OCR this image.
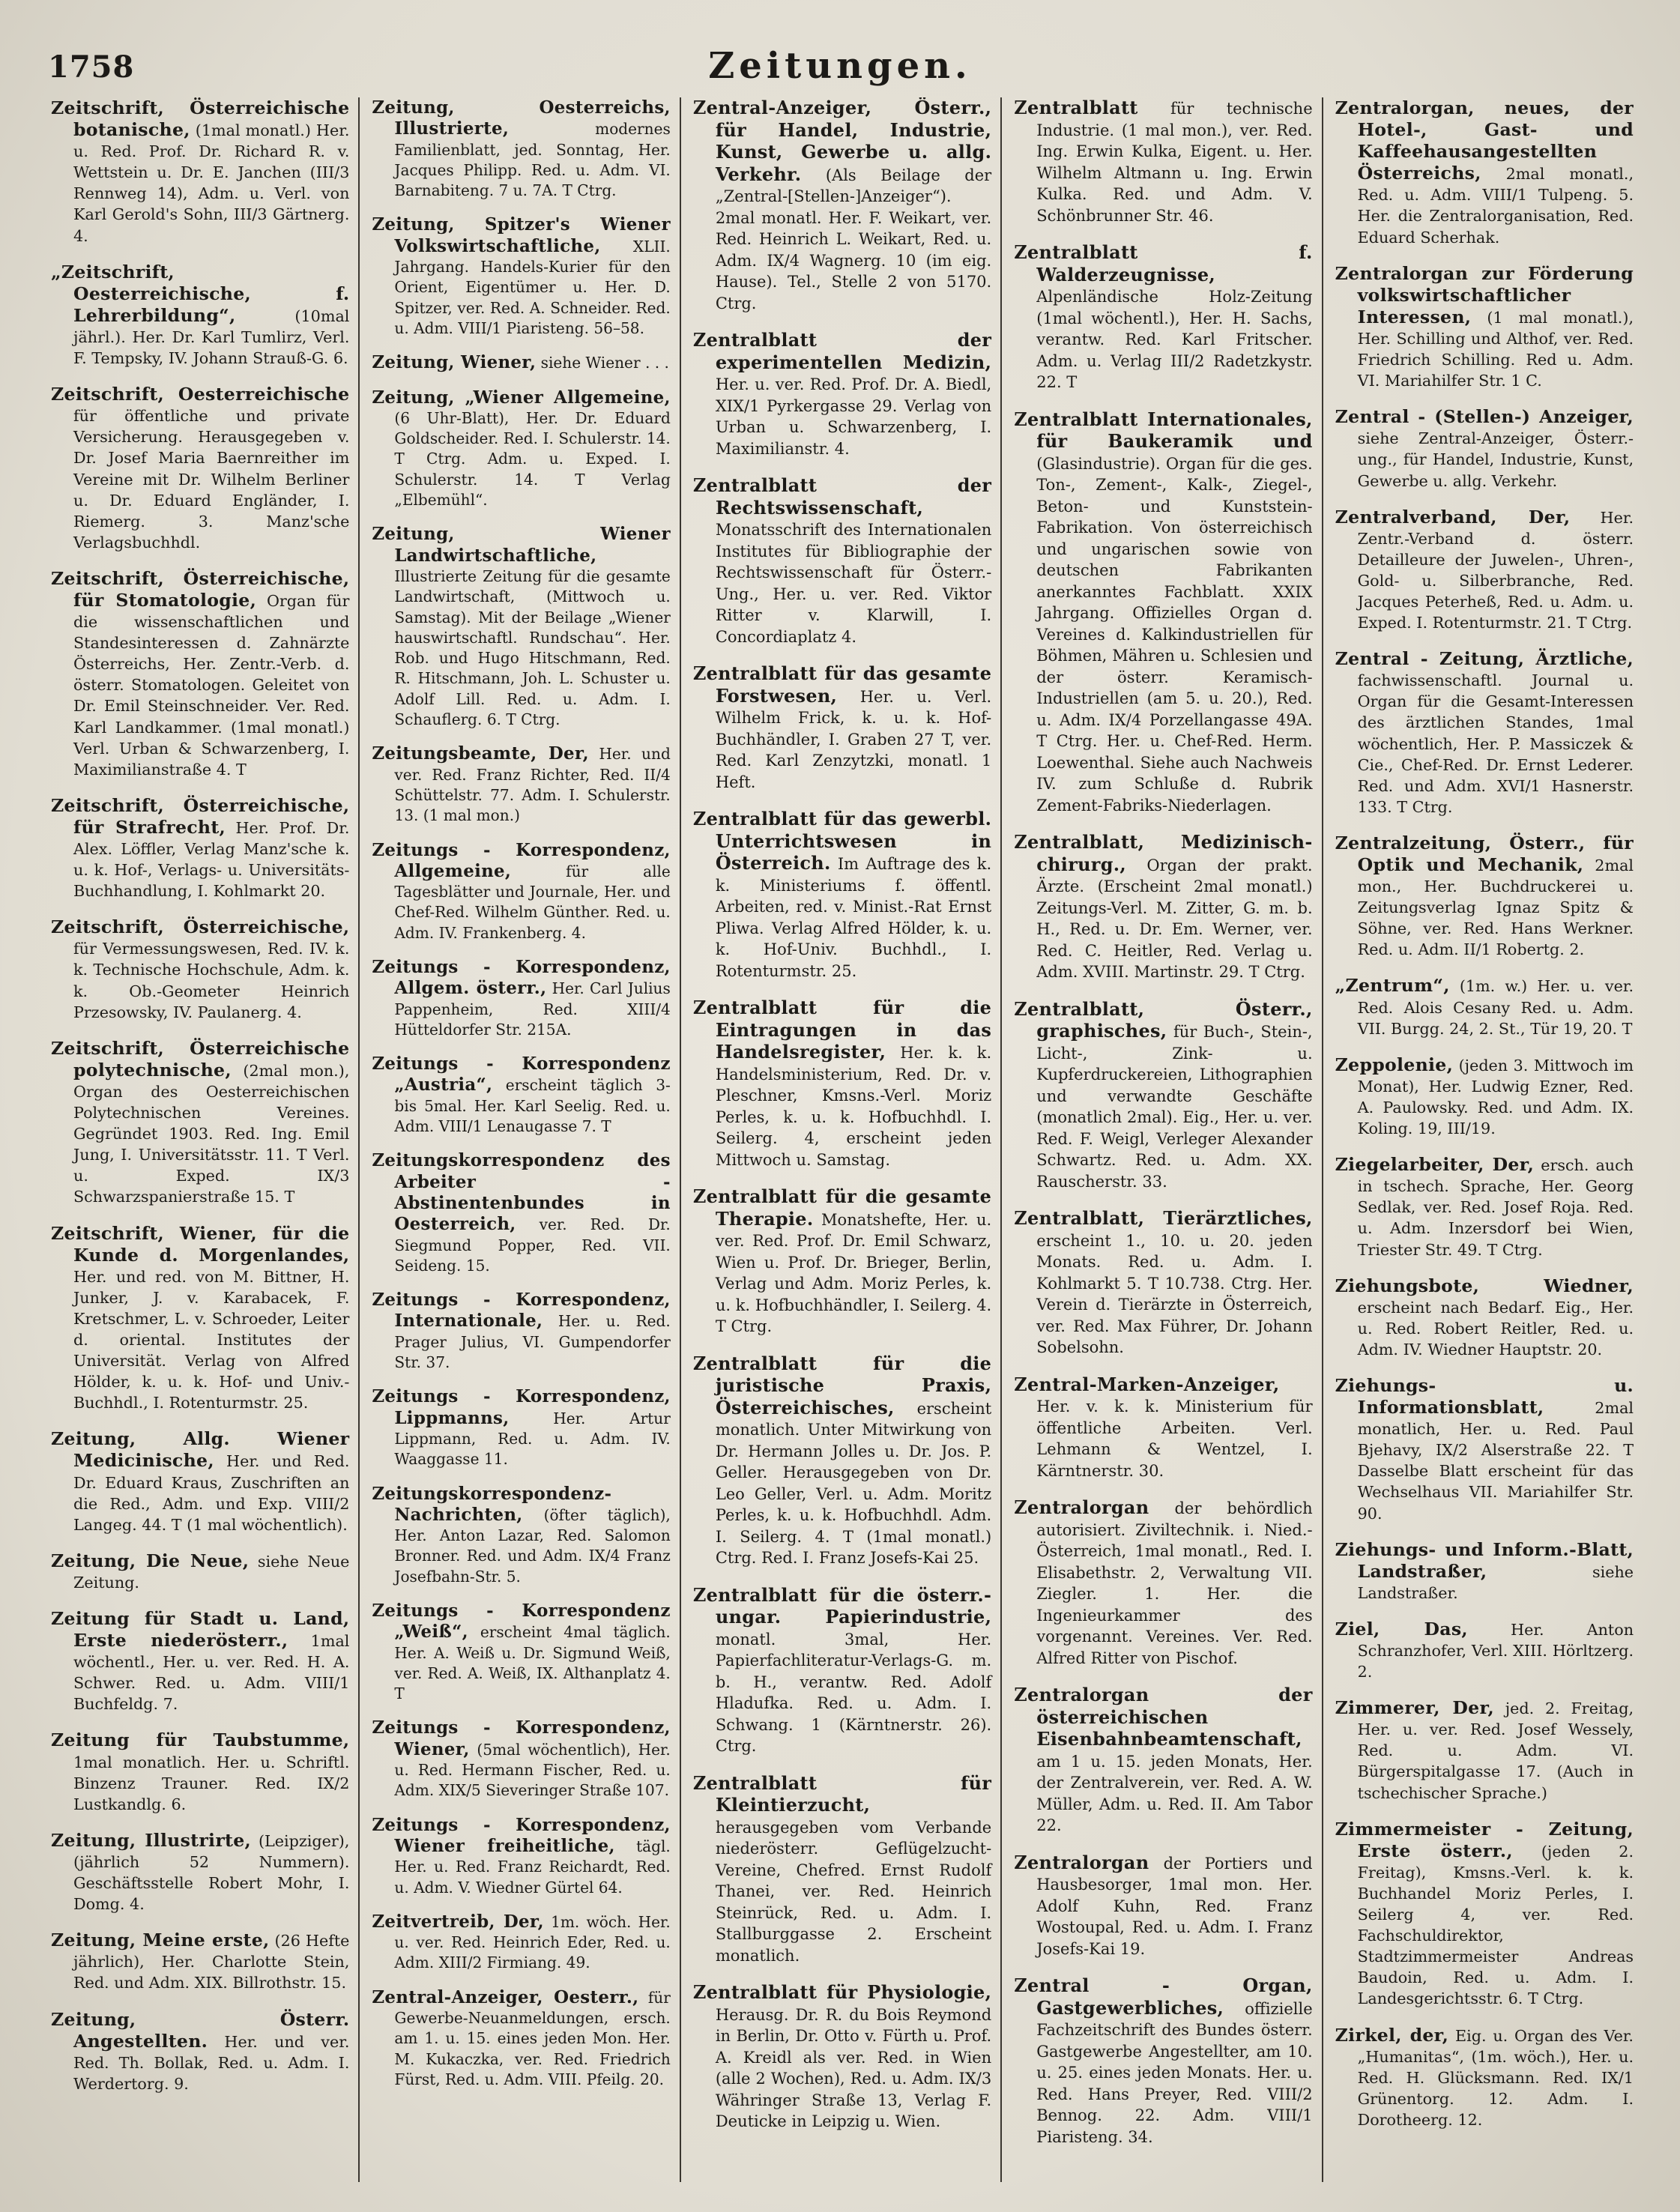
1758	Zeitungen.

Zeitschrift, Österreichische botanische, (1mal monatl.) Her. u. Red. Prof. Dr. Richard R. v. Wettstein u. Dr. E. Janchen (III/3 Rennweg 14), Adm. u. Verl. von Karl Gerold's Sohn, III/3 Gärtnerg. 4.

„Zeitschrift, Oesterreichische, f. Lehrerbildung“, (10mal jährl.). Her. Dr. Karl Tumlirz, Verl. F. Tempsky, IV. Johann Strauß-G. 6.

Zeitschrift, Oesterreichische für öffentliche und private Versicherung. Herausgegeben v. Dr. Josef Maria Baernreither im Vereine mit Dr. Wilhelm Berliner u. Dr. Eduard Engländer, I. Riemerg. 3. Manz'sche Verlagsbuchhdl.

Zeitschrift, Österreichische, für Stomatologie, Organ für die wissenschaftlichen und Standesinteressen d. Zahnärzte Österreichs, Her. Zentr.-Verb. d. österr. Stomatologen. Geleitet von Dr. Emil Steinschneider. Ver. Red. Karl Landkammer. (1mal monatl.) Verl. Urban & Schwarzenberg, I. Maximilianstraße 4. T

Zeitschrift, Österreichische, für Strafrecht, Her. Prof. Dr. Alex. Löffler, Verlag Manz'sche k. u. k. Hof-, Verlags- u. Universitäts-Buchhandlung, I. Kohlmarkt 20.

Zeitschrift, Österreichische, für Vermessungswesen, Red. IV. k. k. Technische Hochschule, Adm. k. k. Ob.-Geometer Heinrich Przesowsky, IV. Paulanerg. 4.

Zeitschrift, Österreichische polytechnische, (2mal mon.), Organ des Oesterreichischen Polytechnischen Vereines. Gegründet 1903. Red. Ing. Emil Jung, I. Universitätsstr. 11. T Verl. u. Exped. IX/3 Schwarzspanierstraße 15. T

Zeitschrift, Wiener, für die Kunde d. Morgenlandes, Her. und red. von M. Bittner, H. Junker, J. v. Karabacek, F. Kretschmer, L. v. Schroeder, Leiter d. oriental. Institutes der Universität. Verlag von Alfred Hölder, k. u. k. Hof- und Univ.-Buchhdl., I. Rotenturmstr. 25.

Zeitung, Allg. Wiener Medicinische, Her. und Red. Dr. Eduard Kraus, Zuschriften an die Red., Adm. und Exp. VIII/2 Langeg. 44. T (1 mal wöchentlich).

Zeitung, Die Neue, siehe Neue Zeitung.

Zeitung für Stadt u. Land, Erste niederösterr., 1mal wöchentl., Her. u. ver. Red. H. A. Schwer. Red. u. Adm. VIII/1 Buchfeldg. 7.

Zeitung für Taubstumme, 1mal monatlich. Her. u. Schriftl. Binzenz Trauner. Red. IX/2 Lustkandlg. 6.

Zeitung, Illustrirte, (Leipziger), (jährlich 52 Nummern). Geschäftsstelle Robert Mohr, I. Domg. 4.

Zeitung, Meine erste, (26 Hefte jährlich), Her. Charlotte Stein, Red. und Adm. XIX. Billrothstr. 15.

Zeitung, Österr. Angestellten. Her. und ver. Red. Th. Bollak, Red. u. Adm. I. Werdertorg. 9.

Zeitung, Oesterreichs, Illustrierte, modernes Familienblatt, jed. Sonntag, Her. Jacques Philipp. Red. u. Adm. VI. Barnabiteng. 7 u. 7A. T Ctrg.

Zeitung, Spitzer's Wiener Volkswirtschaftliche, XLII. Jahrgang. Handels-Kurier für den Orient, Eigentümer u. Her. D. Spitzer, ver. Red. A. Schneider. Red. u. Adm. VIII/1 Piaristeng. 56–58.

Zeitung, Wiener, siehe Wiener . . .

Zeitung, „Wiener Allgemeine, (6 Uhr-Blatt), Her. Dr. Eduard Goldscheider. Red. I. Schulerstr. 14. T Ctrg. Adm. u. Exped. I. Schulerstr. 14. T Verlag „Elbemühl“.

Zeitung, Wiener Landwirtschaftliche, Illustrierte Zeitung für die gesamte Landwirtschaft, (Mittwoch u. Samstag). Mit der Beilage „Wiener hauswirtschaftl. Rundschau“. Her. Rob. und Hugo Hitschmann, Red. R. Hitschmann, Joh. L. Schuster u. Adolf Lill. Red. u. Adm. I. Schauflerg. 6. T Ctrg.

Zeitungsbeamte, Der, Her. und ver. Red. Franz Richter, Red. II/4 Schüttelstr. 77. Adm. I. Schulerstr. 13. (1 mal mon.)

Zeitungs - Korrespondenz, Allgemeine, für alle Tagesblätter und Journale, Her. und Chef-Red. Wilhelm Günther. Red. u. Adm. IV. Frankenberg. 4.

Zeitungs - Korrespondenz, Allgem. österr., Her. Carl Julius Pappenheim, Red. XIII/4 Hütteldorfer Str. 215A.

Zeitungs - Korrespondenz „Austria“, erscheint täglich 3- bis 5mal. Her. Karl Seelig. Red. u. Adm. VIII/1 Lenaugasse 7. T

Zeitungskorrespondenz des Arbeiter - Abstinentenbundes in Oesterreich, ver. Red. Dr. Siegmund Popper, Red. VII. Seideng. 15.

Zeitungs - Korrespondenz, Internationale, Her. u. Red. Prager Julius, VI. Gumpendorfer Str. 37.

Zeitungs - Korrespondenz, Lippmanns, Her. Artur Lippmann, Red. u. Adm. IV. Waaggasse 11.

Zeitungskorrespondenz-Nachrichten, (öfter täglich), Her. Anton Lazar, Red. Salomon Bronner. Red. und Adm. IX/4 Franz Josefbahn-Str. 5.

Zeitungs - Korrespondenz „Weiß“, erscheint 4mal täglich. Her. A. Weiß u. Dr. Sigmund Weiß, ver. Red. A. Weiß, IX. Althanplatz 4. T

Zeitungs - Korrespondenz, Wiener, (5mal wöchentlich), Her. u. Red. Hermann Fischer, Red. u. Adm. XIX/5 Sieveringer Straße 107.

Zeitungs - Korrespondenz, Wiener freiheitliche, tägl. Her. u. Red. Franz Reichardt, Red. u. Adm. V. Wiedner Gürtel 64.

Zeitvertreib, Der, 1m. wöch. Her. u. ver. Red. Heinrich Eder, Red. u. Adm. XIII/2 Firmiang. 49.

Zentral-Anzeiger, Oesterr., für Gewerbe-Neuanmeldungen, ersch. am 1. u. 15. eines jeden Mon. Her. M. Kukaczka, ver. Red. Friedrich Fürst, Red. u. Adm. VIII. Pfeilg. 20.

Zentral-Anzeiger, Österr., für Handel, Industrie, Kunst, Gewerbe u. allg. Verkehr. (Als Beilage der „Zentral-[Stellen-]Anzeiger“). 2mal monatl. Her. F. Weikart, ver. Red. Heinrich L. Weikart, Red. u. Adm. IX/4 Wagnerg. 10 (im eig. Hause). Tel., Stelle 2 von 5170. Ctrg.

Zentralblatt der experimentellen Medizin, Her. u. ver. Red. Prof. Dr. A. Biedl, XIX/1 Pyrkergasse 29. Verlag von Urban u. Schwarzenberg, I. Maximilianstr. 4.

Zentralblatt der Rechtswissenschaft, Monatsschrift des Internationalen Institutes für Bibliographie der Rechtswissenschaft für Österr.-Ung., Her. u. ver. Red. Viktor Ritter v. Klarwill, I. Concordiaplatz 4.

Zentralblatt für das gesamte Forstwesen, Her. u. Verl. Wilhelm Frick, k. u. k. Hof-Buchhändler, I. Graben 27 T, ver. Red. Karl Zenzytzki, monatl. 1 Heft.

Zentralblatt für das gewerbl. Unterrichtswesen in Österreich. Im Auftrage des k. k. Ministeriums f. öffentl. Arbeiten, red. v. Minist.-Rat Ernst Pliwa. Verlag Alfred Hölder, k. u. k. Hof-Univ. Buchhdl., I. Rotenturmstr. 25.

Zentralblatt für die Eintragungen in das Handelsregister, Her. k. k. Handelsministerium, Red. Dr. v. Pleschner, Kmsns.-Verl. Moriz Perles, k. u. k. Hofbuchhdl. I. Seilerg. 4, erscheint jeden Mittwoch u. Samstag.

Zentralblatt für die gesamte Therapie. Monatshefte, Her. u. ver. Red. Prof. Dr. Emil Schwarz, Wien u. Prof. Dr. Brieger, Berlin, Verlag und Adm. Moriz Perles, k. u. k. Hofbuchhändler, I. Seilerg. 4. T Ctrg.

Zentralblatt für die juristische Praxis, Österreichisches, erscheint monatlich. Unter Mitwirkung von Dr. Hermann Jolles u. Dr. Jos. P. Geller. Herausgegeben von Dr. Leo Geller, Verl. u. Adm. Moritz Perles, k. u. k. Hofbuchhdl. Adm. I. Seilerg. 4. T (1mal monatl.) Ctrg. Red. I. Franz Josefs-Kai 25.

Zentralblatt für die österr.-ungar. Papierindustrie, monatl. 3mal, Her. Papierfachliteratur-Verlags-G. m. b. H., verantw. Red. Adolf Hladufka. Red. u. Adm. I. Schwang. 1 (Kärntnerstr. 26). Ctrg.

Zentralblatt für Kleintierzucht, herausgegeben vom Verbande niederösterr. Geflügelzucht-Vereine, Chefred. Ernst Rudolf Thanei, ver. Red. Heinrich Steinrück, Red. u. Adm. I. Stallburggasse 2. Erscheint monatlich.

Zentralblatt für Physiologie, Herausg. Dr. R. du Bois Reymond in Berlin, Dr. Otto v. Fürth u. Prof. A. Kreidl als ver. Red. in Wien (alle 2 Wochen), Red. u. Adm. IX/3 Währinger Straße 13, Verlag F. Deuticke in Leipzig u. Wien.

Zentralblatt für technische Industrie. (1 mal mon.), ver. Red. Ing. Erwin Kulka, Eigent. u. Her. Wilhelm Altmann u. Ing. Erwin Kulka. Red. und Adm. V. Schönbrunner Str. 46.

Zentralblatt f. Walderzeugnisse, Alpenländische Holz-Zeitung (1mal wöchentl.), Her. H. Sachs, verantw. Red. Karl Fritscher. Adm. u. Verlag III/2 Radetzkystr. 22. T

Zentralblatt Internationales, für Baukeramik und (Glasindustrie). Organ für die ges. Ton-, Zement-, Kalk-, Ziegel-, Beton- und Kunststein-Fabrikation. Von österreichisch und ungarischen sowie von deutschen Fabrikanten anerkanntes Fachblatt. XXIX Jahrgang. Offizielles Organ d. Vereines d. Kalkindustriellen für Böhmen, Mähren u. Schlesien und der österr. Keramisch-Industriellen (am 5. u. 20.), Red. u. Adm. IX/4 Porzellangasse 49A. T Ctrg. Her. u. Chef-Red. Herm. Loewenthal. Siehe auch Nachweis IV. zum Schluße d. Rubrik Zement-Fabriks-Niederlagen.

Zentralblatt, Medizinisch-chirurg., Organ der prakt. Ärzte. (Erscheint 2mal monatl.) Zeitungs-Verl. M. Zitter, G. m. b. H., Red. u. Dr. Em. Werner, ver. Red. C. Heitler, Red. Verlag u. Adm. XVIII. Martinstr. 29. T Ctrg.

Zentralblatt, Österr., graphisches, für Buch-, Stein-, Licht-, Zink- u. Kupferdruckereien, Lithographien und verwandte Geschäfte (monatlich 2mal). Eig., Her. u. ver. Red. F. Weigl, Verleger Alexander Schwartz. Red. u. Adm. XX. Rauscherstr. 33.

Zentralblatt, Tierärztliches, erscheint 1., 10. u. 20. jeden Monats. Red. u. Adm. I. Kohlmarkt 5. T 10.738. Ctrg. Her. Verein d. Tierärzte in Österreich, ver. Red. Max Führer, Dr. Johann Sobelsohn.

Zentral-Marken-Anzeiger, Her. v. k. k. Ministerium für öffentliche Arbeiten. Verl. Lehmann & Wentzel, I. Kärntnerstr. 30.

Zentralorgan der behördlich autorisiert. Ziviltechnik. i. Nied.-Österreich, 1mal monatl., Red. I. Elisabethstr. 2, Verwaltung VII. Ziegler. 1. Her. die Ingenieurkammer des vorgenannt. Vereines. Ver. Red. Alfred Ritter von Pischof.

Zentralorgan der österreichischen Eisenbahnbeamtenschaft, am 1 u. 15. jeden Monats, Her. der Zentralverein, ver. Red. A. W. Müller, Adm. u. Red. II. Am Tabor 22.

Zentralorgan der Portiers und Hausbesorger, 1mal mon. Her. Adolf Kuhn, Red. Franz Wostoupal, Red. u. Adm. I. Franz Josefs-Kai 19.

Zentral - Organ, Gastgewerbliches, offizielle Fachzeitschrift des Bundes österr. Gastgewerbe Angestellter, am 10. u. 25. eines jeden Monats. Her. u. Red. Hans Preyer, Red. VIII/2 Bennog. 22. Adm. VIII/1 Piaristeng. 34.

Zentralorgan, neues, der Hotel-, Gast- und Kaffeehausangestellten Österreichs, 2mal monatl., Red. u. Adm. VIII/1 Tulpeng. 5. Her. die Zentralorganisation, Red. Eduard Scherhak.

Zentralorgan zur Förderung volkswirtschaftlicher Interessen, (1 mal monatl.), Her. Schilling und Althof, ver. Red. Friedrich Schilling. Red u. Adm. VI. Mariahilfer Str. 1 C.

Zentral - (Stellen-) Anzeiger, siehe Zentral-Anzeiger, Österr.-ung., für Handel, Industrie, Kunst, Gewerbe u. allg. Verkehr.

Zentralverband, Der, Her. Zentr.-Verband d. österr. Detailleure der Juwelen-, Uhren-, Gold- u. Silberbranche, Red. Jacques Peterheß, Red. u. Adm. u. Exped. I. Rotenturmstr. 21. T Ctrg.

Zentral - Zeitung, Ärztliche, fachwissenschaftl. Journal u. Organ für die Gesamt-Interessen des ärztlichen Standes, 1mal wöchentlich, Her. P. Massiczek & Cie., Chef-Red. Dr. Ernst Lederer. Red. und Adm. XVI/1 Hasnerstr. 133. T Ctrg.

Zentralzeitung, Österr., für Optik und Mechanik, 2mal mon., Her. Buchdruckerei u. Zeitungsverlag Ignaz Spitz & Söhne, ver. Red. Hans Werkner. Red. u. Adm. II/1 Robertg. 2.

„Zentrum“, (1m. w.) Her. u. ver. Red. Alois Cesany Red. u. Adm. VII. Burgg. 24, 2. St., Tür 19, 20. T

Zeppolenie, (jeden 3. Mittwoch im Monat), Her. Ludwig Ezner, Red. A. Paulowsky. Red. und Adm. IX. Koling. 19, III/19.

Ziegelarbeiter, Der, ersch. auch in tschech. Sprache, Her. Georg Sedlak, ver. Red. Josef Roja. Red. u. Adm. Inzersdorf bei Wien, Triester Str. 49. T Ctrg.

Ziehungsbote, Wiedner, erscheint nach Bedarf. Eig., Her. u. Red. Robert Reitler, Red. u. Adm. IV. Wiedner Hauptstr. 20.

Ziehungs- u. Informationsblatt, 2mal monatlich, Her. u. Red. Paul Bjehavy, IX/2 Alserstraße 22. T Dasselbe Blatt erscheint für das Wechselhaus VII. Mariahilfer Str. 90.

Ziehungs- und Inform.-Blatt, Landstraßer, siehe Landstraßer.

Ziel, Das, Her. Anton Schranzhofer, Verl. XIII. Hörltzerg. 2.

Zimmerer, Der, jed. 2. Freitag, Her. u. ver. Red. Josef Wessely, Red. u. Adm. VI. Bürgerspitalgasse 17. (Auch in tschechischer Sprache.)

Zimmermeister - Zeitung, Erste österr., (jeden 2. Freitag), Kmsns.-Verl. k. k. Buchhandel Moriz Perles, I. Seilerg 4, ver. Red. Fachschuldirektor, Stadtzimmermeister Andreas Baudoin, Red. u. Adm. I. Landesgerichtsstr. 6. T Ctrg.

Zirkel, der, Eig. u. Organ des Ver. „Humanitas“, (1m. wöch.), Her. u. Red. H. Glücksmann. Red. IX/1 Grünentorg. 12. Adm. I. Dorotheerg. 12.
